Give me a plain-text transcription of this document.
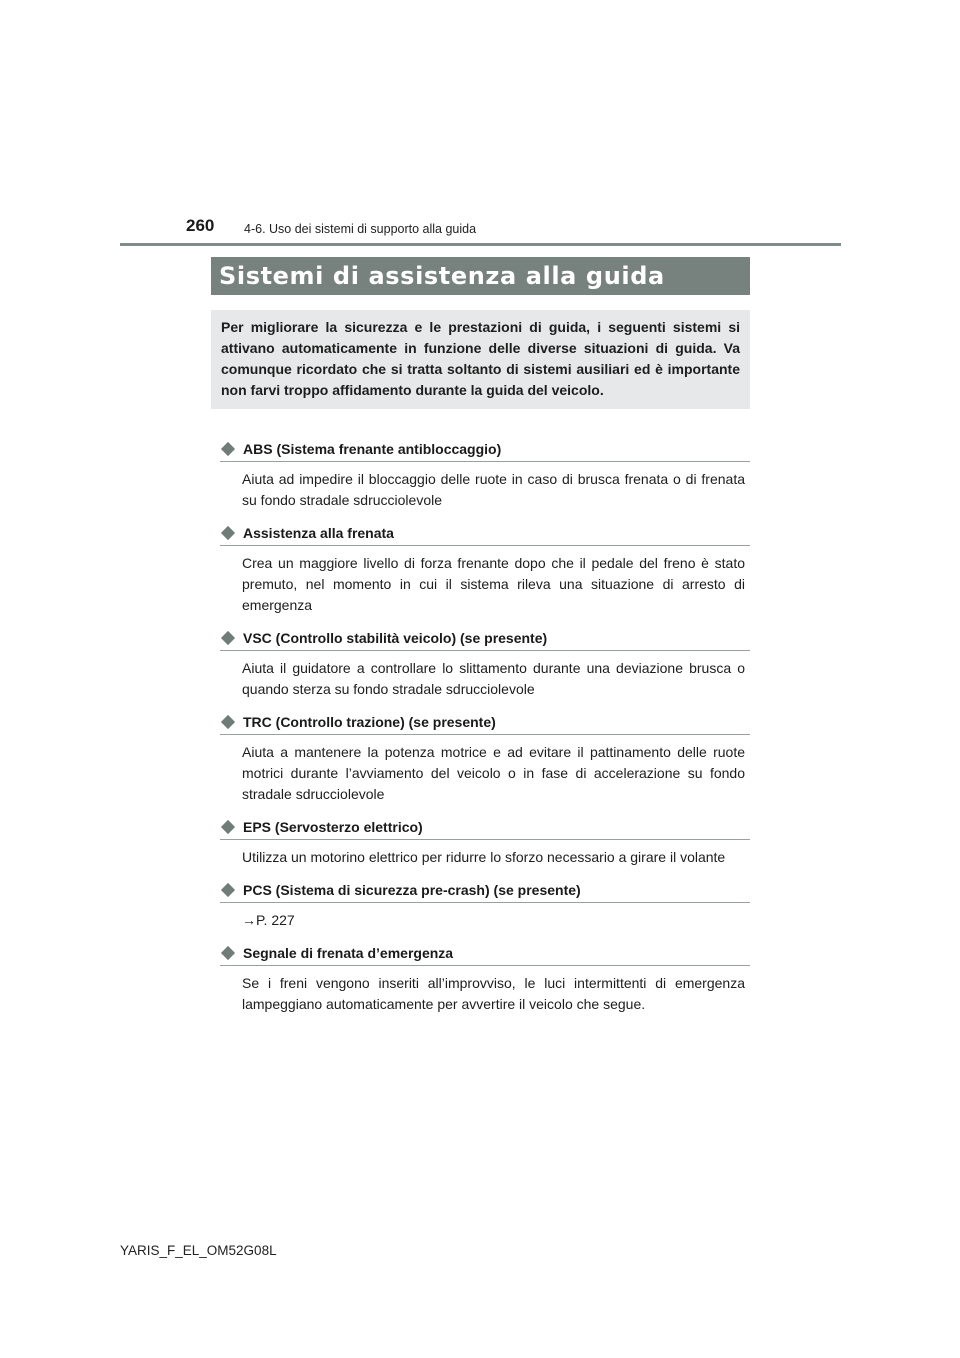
260 4-6. Uso dei sistemi di supporto alla guida
Sistemi di assistenza alla guida
Per migliorare la sicurezza e le prestazioni di guida, i seguenti sistemi si attivano automaticamente in funzione delle diverse situazioni di guida. Va comunque ricordato che si tratta soltanto di sistemi ausiliari ed è importante non farvi troppo affidamento durante la guida del veicolo.
ABS (Sistema frenante antibloccaggio)
Aiuta ad impedire il bloccaggio delle ruote in caso di brusca frenata o di frenata su fondo stradale sdrucciolevole
Assistenza alla frenata
Crea un maggiore livello di forza frenante dopo che il pedale del freno è stato premuto, nel momento in cui il sistema rileva una situazione di arresto di emergenza
VSC (Controllo stabilità veicolo) (se presente)
Aiuta il guidatore a controllare lo slittamento durante una deviazione brusca o quando sterza su fondo stradale sdrucciolevole
TRC (Controllo trazione) (se presente)
Aiuta a mantenere la potenza motrice e ad evitare il pattinamento delle ruote motrici durante l’avviamento del veicolo o in fase di accelerazione su fondo stradale sdrucciolevole
EPS (Servosterzo elettrico)
Utilizza un motorino elettrico per ridurre lo sforzo necessario a girare il volante
PCS (Sistema di sicurezza pre-crash) (se presente)
→P. 227
Segnale di frenata d’emergenza
Se i freni vengono inseriti all’improvviso, le luci intermittenti di emergenza lampeggiano automaticamente per avvertire il veicolo che segue.
YARIS_F_EL_OM52G08L
